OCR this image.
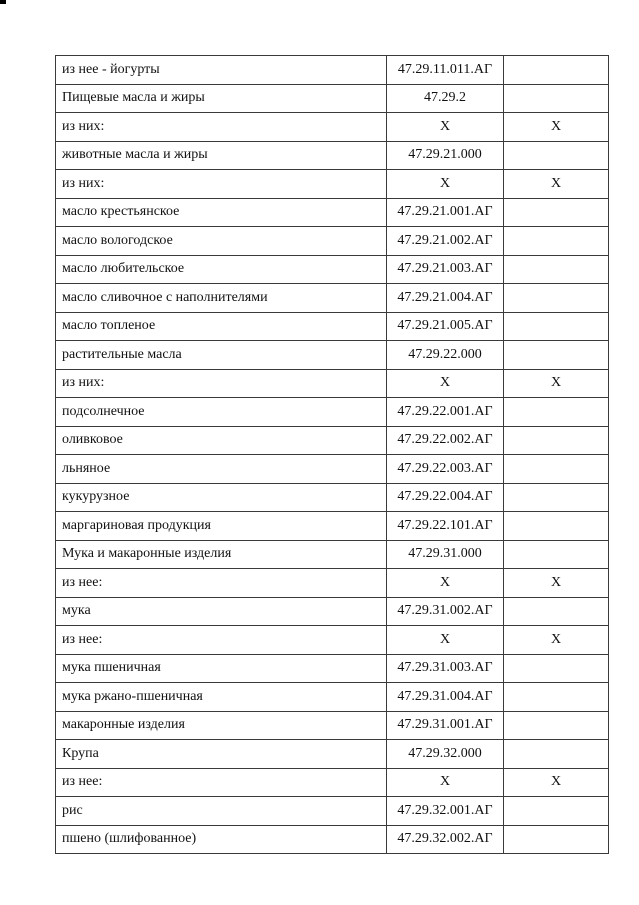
из нее - йогурты	47.29.11.011.АГ	
Пищевые масла и жиры	47.29.2	
из них:	Х	Х
животные масла и жиры	47.29.21.000	
из них:	Х	Х
масло крестьянское	47.29.21.001.АГ	
масло вологодское	47.29.21.002.АГ	
масло любительское	47.29.21.003.АГ	
масло сливочное с наполнителями	47.29.21.004.АГ	
масло топленое	47.29.21.005.АГ	
растительные масла	47.29.22.000	
из них:	Х	Х
подсолнечное	47.29.22.001.АГ	
оливковое	47.29.22.002.АГ	
льняное	47.29.22.003.АГ	
кукурузное	47.29.22.004.АГ	
маргариновая продукция	47.29.22.101.АГ	
Мука и макаронные изделия	47.29.31.000	
из нее:	Х	Х
мука	47.29.31.002.АГ	
из нее:	Х	Х
мука пшеничная	47.29.31.003.АГ	
мука ржано-пшеничная	47.29.31.004.АГ	
макаронные изделия	47.29.31.001.АГ	
Крупа	47.29.32.000	
из нее:	Х	Х
рис	47.29.32.001.АГ	
пшено (шлифованное)	47.29.32.002.АГ	
